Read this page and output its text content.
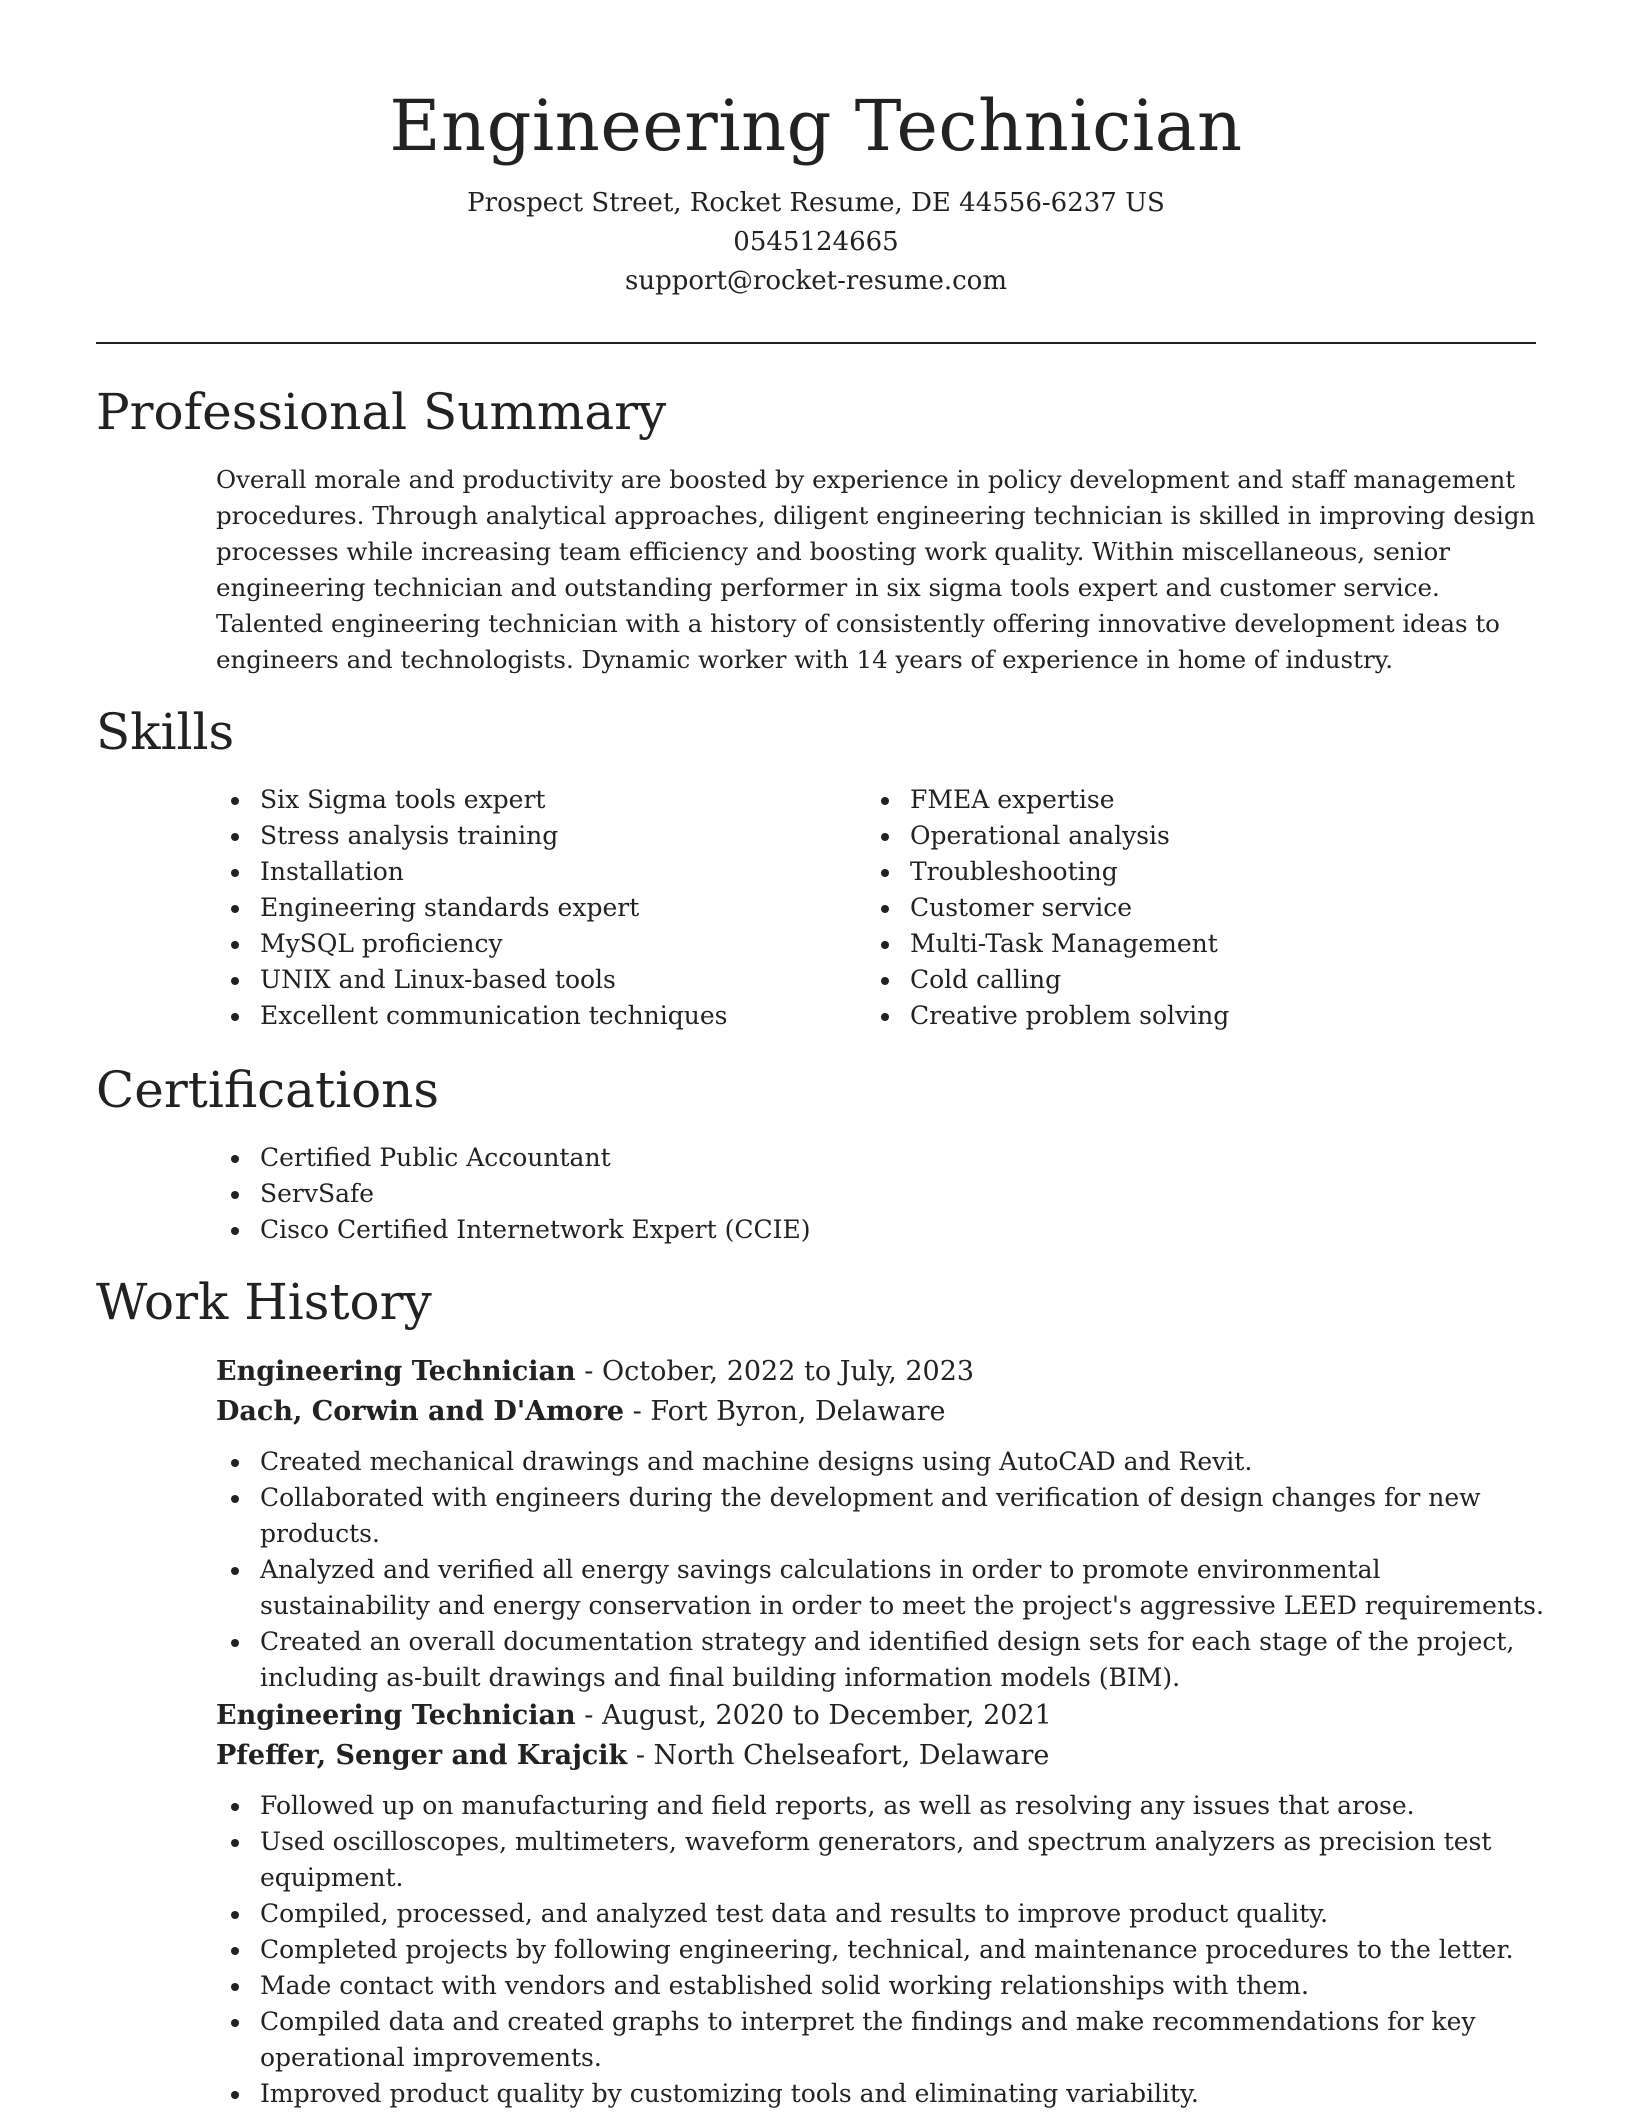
Engineering Technician
Prospect Street, Rocket Resume, DE 44556-6237 US
0545124665
support@rocket-resume.com
Professional Summary

Overall morale and productivity are boosted by experience in policy development and staff management procedures. Through analytical approaches, diligent engineering technician is skilled in improving design processes while increasing team efficiency and boosting work quality. Within miscellaneous, senior engineering technician and outstanding performer in six sigma tools expert and customer service. Talented engineering technician with a history of consistently offering innovative development ideas to engineers and technologists. Dynamic worker with 14 years of experience in home of industry.

Skills
Six Sigma tools expert
Stress analysis training
Installation
Engineering standards expert
MySQL proficiency
UNIX and Linux-based tools
Excellent communication techniques
FMEA expertise
Operational analysis
Troubleshooting
Customer service
Multi-Task Management
Cold calling
Creative problem solving
Certifications
Certified Public Accountant
ServSafe
Cisco Certified Internetwork Expert (CCIE)
Work History
Engineering Technician - October, 2022 to July, 2023
Dach, Corwin and D'Amore - Fort Byron, Delaware
Created mechanical drawings and machine designs using AutoCAD and Revit.
Collaborated with engineers during the development and verification of design changes for new products.
Analyzed and verified all energy savings calculations in order to promote environmental sustainability and energy conservation in order to meet the project's aggressive LEED requirements.
Created an overall documentation strategy and identified design sets for each stage of the project, including as-built drawings and final building information models (BIM).
Engineering Technician - August, 2020 to December, 2021
Pfeffer, Senger and Krajcik - North Chelseafort, Delaware
Followed up on manufacturing and field reports, as well as resolving any issues that arose.
Used oscilloscopes, multimeters, waveform generators, and spectrum analyzers as precision test equipment.
Compiled, processed, and analyzed test data and results to improve product quality.
Completed projects by following engineering, technical, and maintenance procedures to the letter.
Made contact with vendors and established solid working relationships with them.
Compiled data and created graphs to interpret the findings and make recommendations for key operational improvements.
Improved product quality by customizing tools and eliminating variability.
